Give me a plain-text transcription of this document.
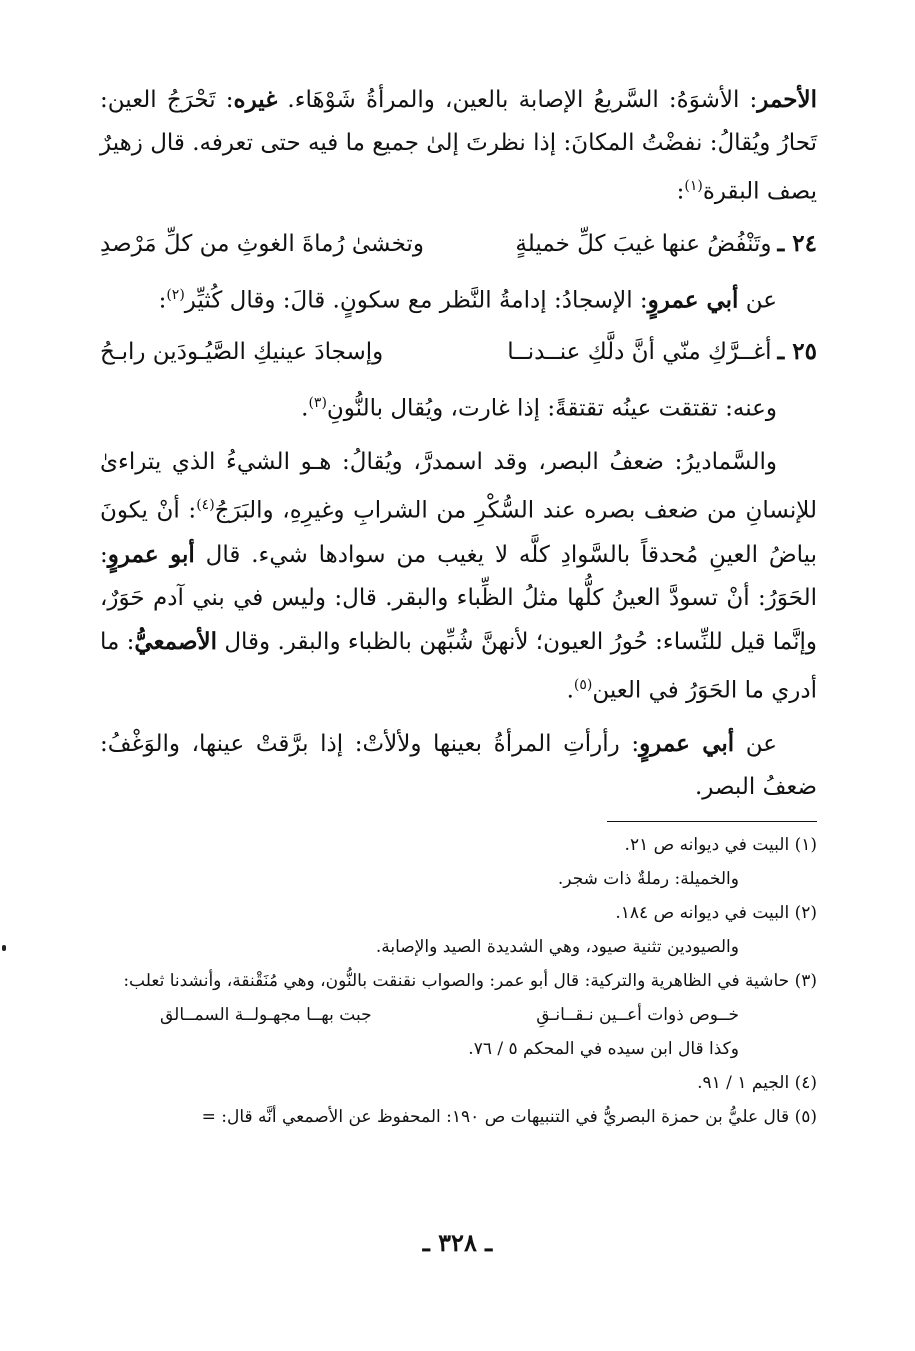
الأحمر: الأشوَهُ: السَّريعُ الإصابة بالعين، والمرأةُ شَوْهَاء. غيره: تَحْرَجُ العين: تَحارُ ويُقالُ: نفضْتُ المكانَ: إذا نظرتَ إلىٰ جميع ما فيه حتى تعرفه. قال زهيرٌ يصف البقرة$^{(١)}$:

٢٤ ـ
وتَنْفُضُ عنها غيبَ كلِّ خميلةٍ
وتخشىٰ رُماةَ الغوثِ من كلِّ مَرْصدِ

عن أبي عمروٍ: الإسجادُ: إدامةُ النَّظر مع سكونٍ. قالَ: وقال كُثيِّر$^{(٢)}$:

٢٥ ـ
أغــرَّكِ منّي أنَّ دلَّكِ عنــدنــا
وإسجادَ عينيكِ الصَّيُـودَين رابـحُ

وعنه: تقتقت عينُه تقتقةً: إذا غارت، ويُقال بالنُّونِ$^{(٣)}$.

والسَّماديرُ: ضعفُ البصر، وقد اسمدرَّ، ويُقالُ: هـو الشيءُ الذي يتراءىٰ للإنسانِ من ضعف بصره عند السُّكْرِ من الشرابِ وغيرِهِ، والبَرَجُ$^{(٤)}$: أنْ يكونَ بياضُ العينِ مُحدقاً بالسَّوادِ كلَّه لا يغيب من سوادها شيء. قال أبو عمروٍ: الحَوَرُ: أنْ تسودَّ العينُ كلُّها مثلُ الظِّباء والبقر. قال: وليس في بني آدم حَوَرٌ، وإنَّما قيل للنِّساء: حُورُ العيون؛ لأنهنَّ شُبِّهن بالظباء والبقر. وقال الأصمعيُّ: ما أدري ما الحَوَرُ في العين$^{(٥)}$.

عن أبي عمروٍ: رأرأتِ المرأةُ بعينها ولألأتْ: إذا برَّقتْ عينها، والوَغْفُ: ضعفُ البصر.

(١) البيت في ديوانه ص ٢١.

والخميلة: رملةٌ ذات شجر.

(٢) البيت في ديوانه ص ١٨٤.

والصيودين تثنية صيود، وهي الشديدة الصيد والإصابة.

(٣) حاشية في الظاهرية والتركية: قال أبو عمر: والصواب نقنقت بالنُّون، وهي مُنَقْنقة، وأنشدنا ثعلب:

خــوص ذوات أعــين نـقــانـقِ
جبت بهــا مجهـولــة السمــالق

وكذا قال ابن سيده في المحكم ٥ / ٧٦.

(٤) الجيم ١ / ٩١.

(٥) قال عليُّ بن حمزة البصريُّ في التنبيهات ص ١٩٠: المحفوظ عن الأصمعي أنَّه قال: =

ـ ٣٢٨ ـ
